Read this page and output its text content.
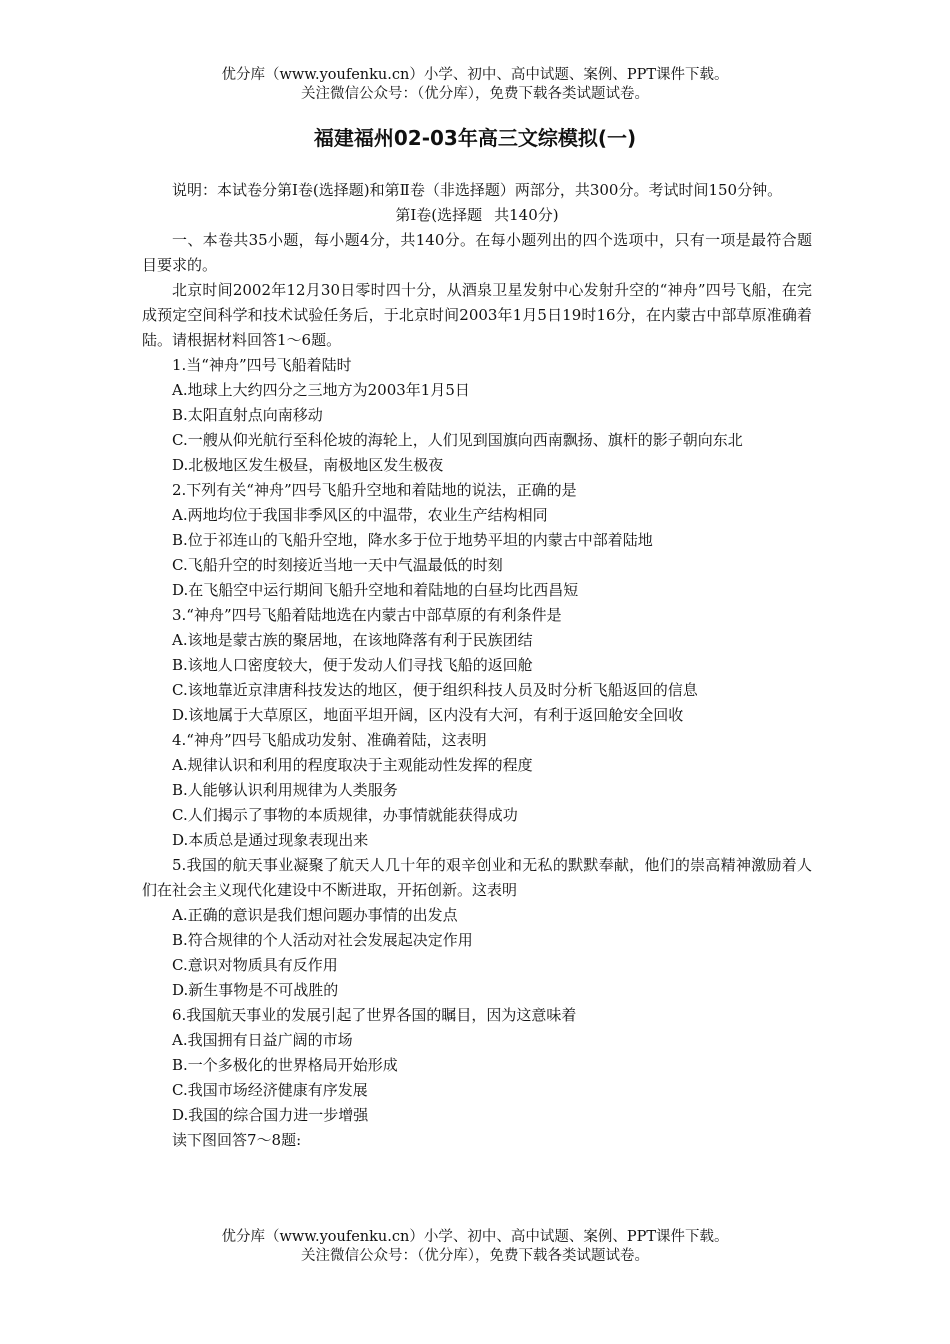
优分库（www.youfenku.cn）小学、初中、高中试题、案例、PPT课件下载。
关注微信公众号：（优分库），免费下载各类试题试卷。
福建福州02-03年高三文综模拟(一)

说明：本试卷分第Ⅰ卷(选择题)和第Ⅱ卷（非选择题）两部分，共300分。考试时间150分钟。

第Ⅰ卷(选择题 共140分)

一、本卷共35小题，每小题4分，共140分。在每小题列出的四个选项中，只有一项是最符合题目要求的。

北京时间2002年12月30日零时四十分，从酒泉卫星发射中心发射升空的“神舟”四号飞船，在完成预定空间科学和技术试验任务后，于北京时间2003年1月5日19时16分，在内蒙古中部草原准确着陆。请根据材料回答1～6题。

1.当“神舟”四号飞船着陆时

A.地球上大约四分之三地方为2003年1月5日

B.太阳直射点向南移动

C.一艘从仰光航行至科伦坡的海轮上，人们见到国旗向西南飘扬、旗杆的影子朝向东北

D.北极地区发生极昼，南极地区发生极夜

2.下列有关“神舟”四号飞船升空地和着陆地的说法，正确的是

A.两地均位于我国非季风区的中温带，农业生产结构相同

B.位于祁连山的飞船升空地，降水多于位于地势平坦的内蒙古中部着陆地

C.飞船升空的时刻接近当地一天中气温最低的时刻

D.在飞船空中运行期间飞船升空地和着陆地的白昼均比西昌短

3.“神舟”四号飞船着陆地选在内蒙古中部草原的有利条件是

A.该地是蒙古族的聚居地，在该地降落有利于民族团结

B.该地人口密度较大，便于发动人们寻找飞船的返回舱

C.该地靠近京津唐科技发达的地区，便于组织科技人员及时分析飞船返回的信息

D.该地属于大草原区，地面平坦开阔，区内没有大河，有利于返回舱安全回收

4.“神舟”四号飞船成功发射、准确着陆，这表明

A.规律认识和利用的程度取决于主观能动性发挥的程度

B.人能够认识利用规律为人类服务

C.人们揭示了事物的本质规律，办事情就能获得成功

D.本质总是通过现象表现出来

5.我国的航天事业凝聚了航天人几十年的艰辛创业和无私的默默奉献，他们的崇高精神激励着人们在社会主义现代化建设中不断进取，开拓创新。这表明

A.正确的意识是我们想问题办事情的出发点

B.符合规律的个人活动对社会发展起决定作用

C.意识对物质具有反作用

D.新生事物是不可战胜的

6.我国航天事业的发展引起了世界各国的瞩目，因为这意味着

A.我国拥有日益广阔的市场

B.一个多极化的世界格局开始形成

C.我国市场经济健康有序发展

D.我国的综合国力进一步增强

读下图回答7～8题:

优分库（www.youfenku.cn）小学、初中、高中试题、案例、PPT课件下载。
关注微信公众号：（优分库），免费下载各类试题试卷。
